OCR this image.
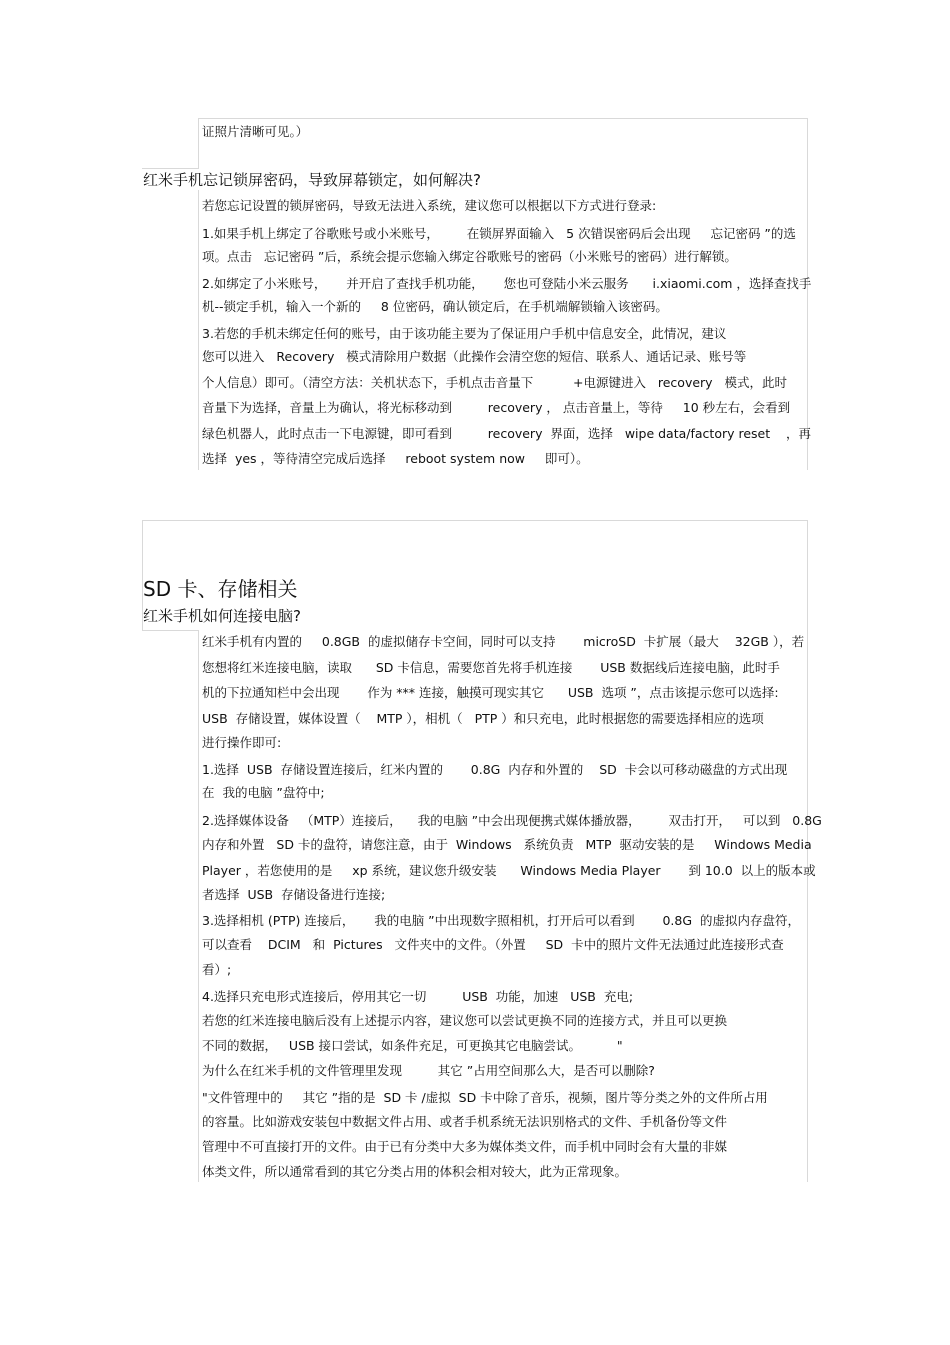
证照片清晰可见。）
红米手机忘记锁屏密码，导致屏幕锁定，如何解决?
若您忘记设置的锁屏密码，导致无法进入系统，建议您可以根据以下方式进行登录:
1.如果手机上绑定了谷歌账号或小米账号，       在锁屏界面输入   5 次错误密码后会出现     忘记密码 ”的选
项。点击   忘记密码 ”后，系统会提示您输入绑定谷歌账号的密码（小米账号的密码）进行解锁。
2.如绑定了小米账号，     并开启了查找手机功能，     您也可登陆小米云服务      i.xiaomi.com ，选择查找手
机--锁定手机，输入一个新的     8 位密码，确认锁定后，在手机端解锁输入该密码。
3.若您的手机未绑定任何的账号，由于该功能主要为了保证用户手机中信息安全，此情况，建议
您可以进入   Recovery   模式清除用户数据（此操作会清空您的短信、联系人、通话记录、账号等
个人信息）即可。（清空方法：关机状态下，手机点击音量下          +电源键进入   recovery   模式，此时
音量下为选择，音量上为确认，将光标移动到         recovery ， 点击音量上，等待     10 秒左右，会看到
绿色机器人，此时点击一下电源键，即可看到         recovery  界面，选择   wipe data/factory reset    ，再
选择  yes ，等待清空完成后选择     reboot system now     即可）。
SD 卡、存储相关
红米手机如何连接电脑?
红米手机有内置的     0.8GB  的虚拟储存卡空间，同时可以支持       microSD  卡扩展（最大    32GB ），若
您想将红米连接电脑，读取      SD 卡信息，需要您首先将手机连接       USB 数据线后连接电脑，此时手
机的下拉通知栏中会出现       作为 *** 连接，触摸可现实其它      USB  选项 ”，点击该提示您可以选择:
USB  存储设置，媒体设置（    MTP ），相机（   PTP ）和只充电，此时根据您的需要选择相应的选项
进行操作即可:
1.选择  USB  存储设置连接后，红米内置的       0.8G  内存和外置的    SD  卡会以可移动磁盘的方式出现
在  我的电脑 ”盘符中;
2.选择媒体设备   （MTP）连接后，    我的电脑 ”中会出现便携式媒体播放器，       双击打开，   可以到   0.8G
内存和外置   SD 卡的盘符，请您注意，由于  Windows   系统负责   MTP  驱动安装的是     Windows Media
Player ，若您使用的是     xp 系统，建议您升级安装      Windows Media Player       到 10.0  以上的版本或
者选择  USB  存储设备进行连接;
3.选择相机 (PTP) 连接后，     我的电脑 ”中出现数字照相机，打开后可以看到       0.8G  的虚拟内存盘符，
可以查看    DCIM   和  Pictures   文件夹中的文件。（外置     SD  卡中的照片文件无法通过此连接形式查
看）;
4.选择只充电形式连接后，停用其它一切         USB  功能，加速   USB  充电;
若您的红米连接电脑后没有上述提示内容，建议您可以尝试更换不同的连接方式，并且可以更换
不同的数据，   USB 接口尝试，如条件充足，可更换其它电脑尝试。         "
为什么在红米手机的文件管理里发现         其它 ”占用空间那么大，是否可以删除?
"文件管理中的     其它 ”指的是  SD 卡 /虚拟  SD 卡中除了音乐，视频，图片等分类之外的文件所占用
的容量。比如游戏安装包中数据文件占用、或者手机系统无法识别格式的文件、手机备份等文件
管理中不可直接打开的文件。由于已有分类中大多为媒体类文件，而手机中同时会有大量的非媒
体类文件，所以通常看到的其它分类占用的体积会相对较大，此为正常现象。
